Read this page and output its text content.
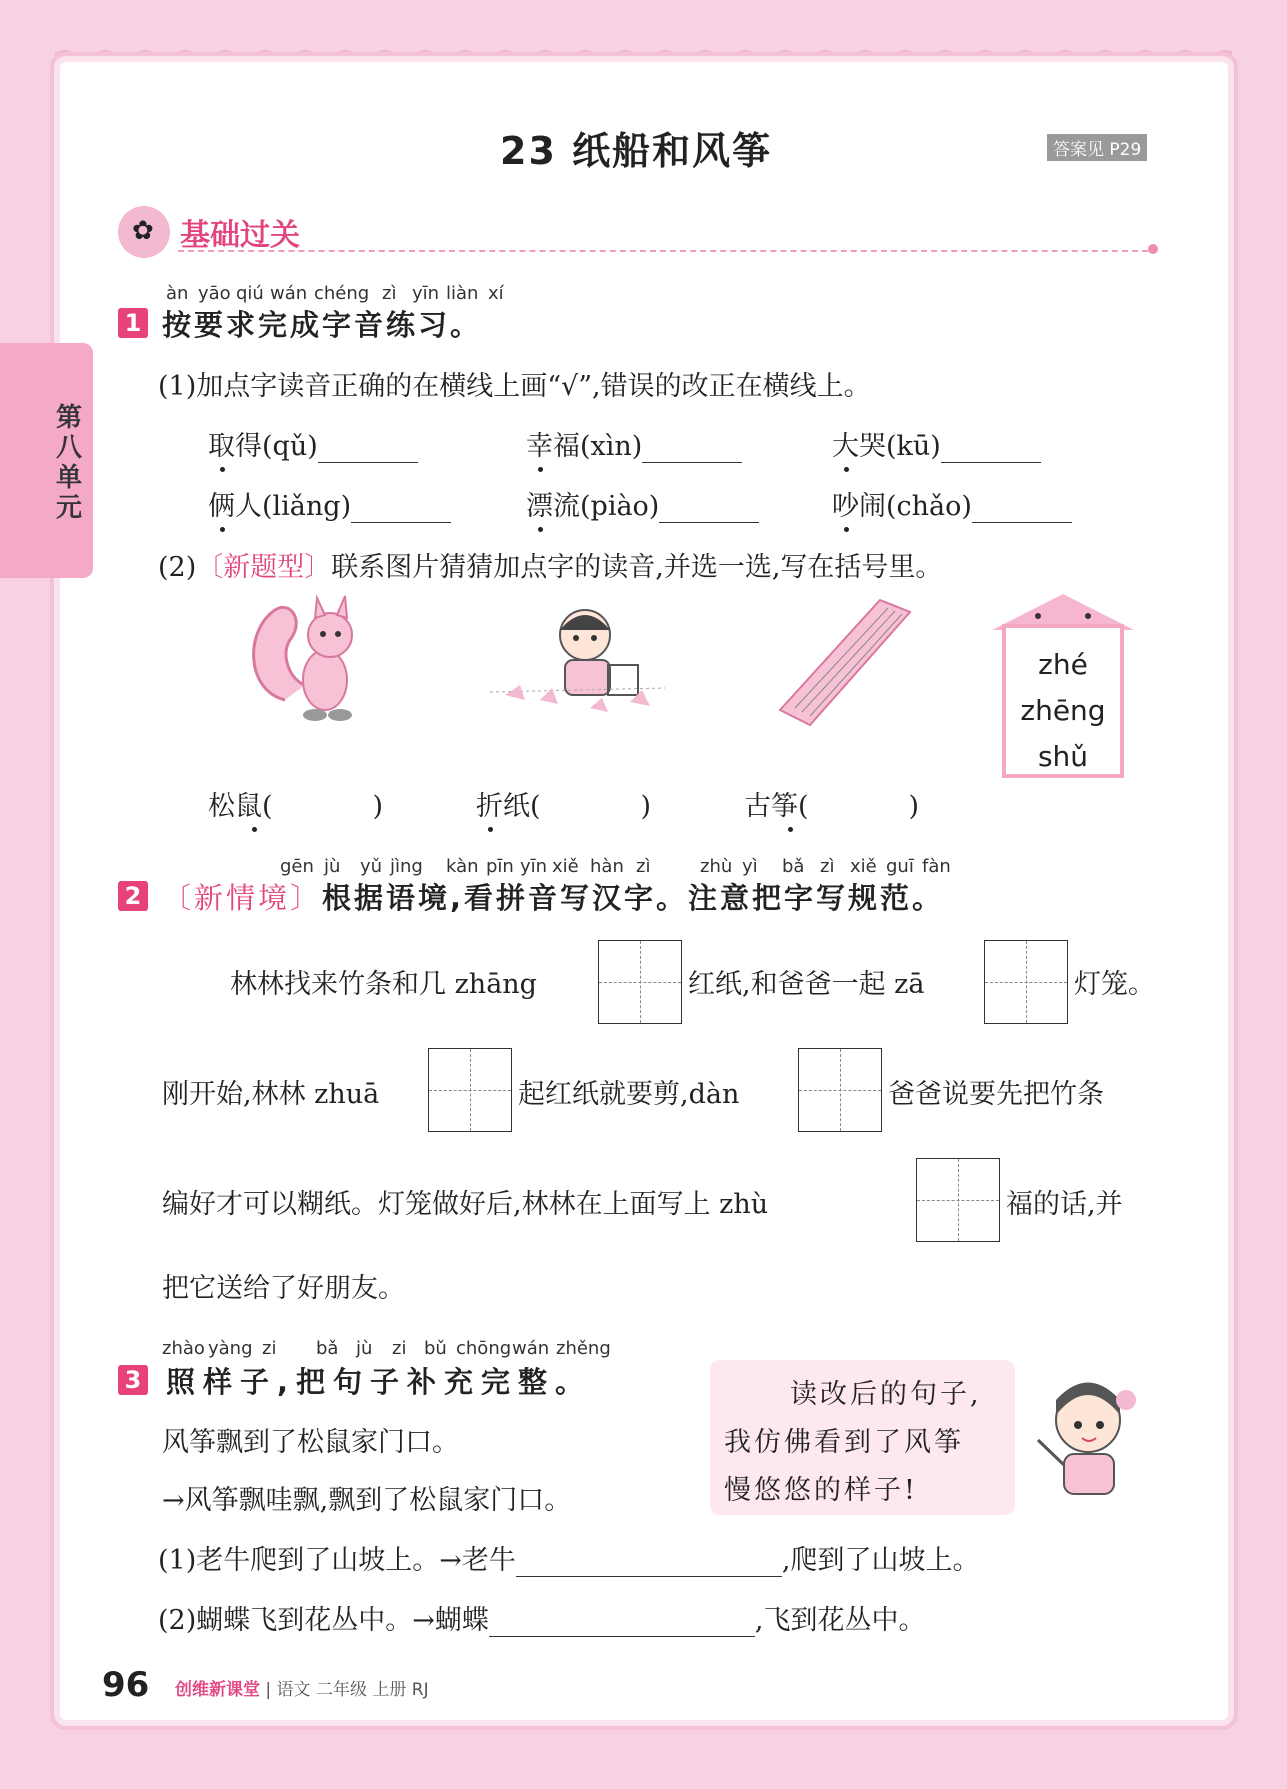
第八单元
23 纸船和风筝	答案见 P29
✿ 基础过关
àn yāo qiú wán chéng zì yīn liàn xí
1 按要求完成字音练习。
(1)加点字读音正确的在横线上画“√”,错误的改正在横线上。
取得(qǔ)	幸福(xìn)	大哭(kū)
俩人(liǎng)	漂流(piào)	吵闹(chǎo)
(2)〔新题型〕联系图片猜猜加点字的读音,并选一选,写在括号里。
zhé
zhēng
shǔ
松鼠(	)	折纸(	)	古筝(	)
gēn jù yǔ jìng kàn pīn yīn xiě hàn zì	zhù yì bǎ zì xiě guī fàn
2 〔新情境〕根据语境,看拼音写汉字。注意把字写规范。
林林找来竹条和几 zhāng	红纸,和爸爸一起 zā	灯笼。
刚开始,林林 zhuā	起红纸就要剪,dàn	爸爸说要先把竹条
编好才可以糊纸。灯笼做好后,林林在上面写上 zhù	福的话,并
把它送给了好朋友。
zhào yàng zi bǎ jù zi bǔ chōng wán zhěng
3 照样子,把句子补充完整。
风筝飘到了松鼠家门口。
→风筝飘哇飘,飘到了松鼠家门口。
读改后的句子,
我仿佛看到了风筝
慢悠悠的样子!
(1)老牛爬到了山坡上。→老牛	,爬到了山坡上。
(2)蝴蝶飞到花丛中。→蝴蝶	,飞到花丛中。
96 创维新课堂 | 语文 二年级 上册 RJ
